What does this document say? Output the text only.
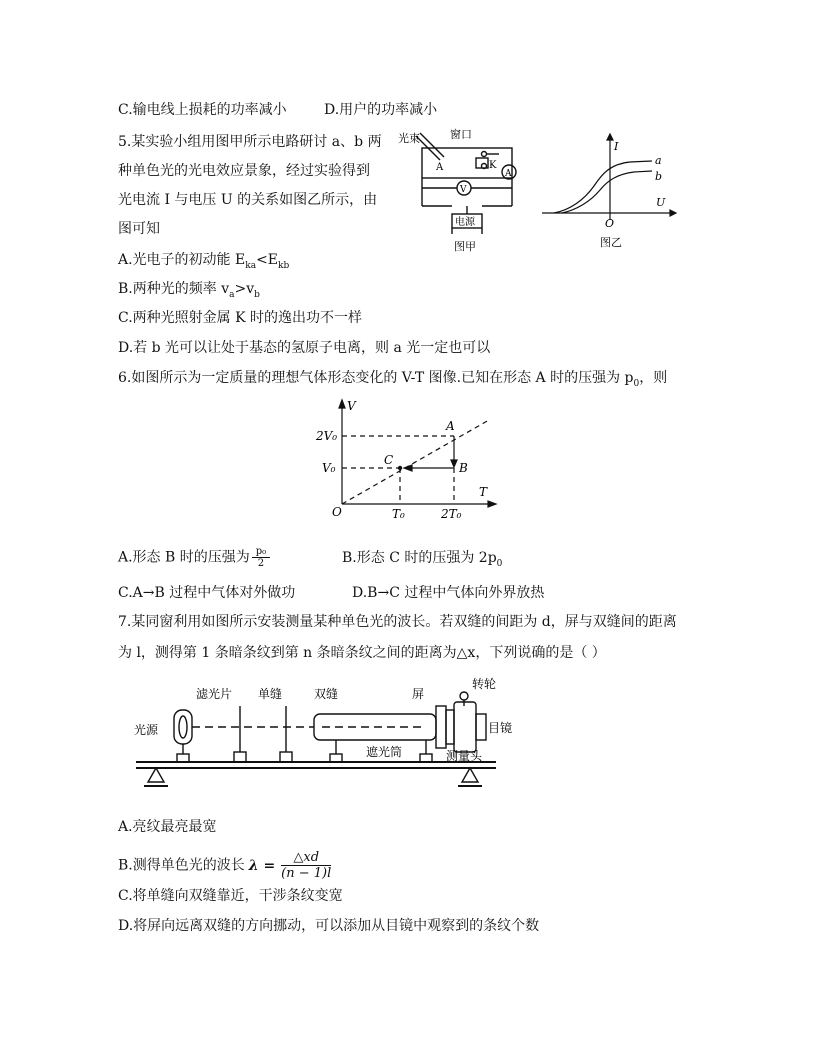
C.输电线上损耗的功率减小	D.用户的功率减小
5.某实验小组用图甲所示电路研讨 a、b 两
种单色光的光电效应景象，经过实验得到
光电流 I 与电压 U 的关系如图乙所示，由
图可知
光束	窗口
A	K
V
A
电源
图甲
I
U
O
a
b
图乙
A.光电子的初动能 $E_{ka}<E_{kb}$
B.两种光的频率 $v_a>v_b$
C.两种光照射金属 K 时的逸出功不一样
D.若 b 光可以让处于基态的氢原子电离，则 a 光一定也可以
6.如图所示为一定质量的理想气体形态变化的 V-T 图像.已知在形态 A 时的压强为 $p_0$，则
V
T
O
2V₀
V₀
T₀	2T₀
A
B
C
A.形态 B 时的压强为 $\frac{\text{p₀}}{2}$	B.形态 C 时的压强为 $2p_0$
C.A→B 过程中气体对外做功	D.B→C 过程中气体向外界放热
7.某同窗利用如图所示安装测量某种单色光的波长。若双缝的间距为 d，屏与双缝间的距离
为 l，测得第 1 条暗条纹到第 n 条暗条纹之间的距离为△x，下列说确的是（ ）
光源
滤光片 单缝	双缝	屏
转轮
目镜
遮光筒	测量头
A.亮纹最亮最宽
B.测得单色光的波长 $\lambda = \frac{\triangle xd}{(n - 1)l}$
C.将单缝向双缝靠近，干涉条纹变宽
D.将屏向远离双缝的方向挪动，可以添加从目镜中观察到的条纹个数
